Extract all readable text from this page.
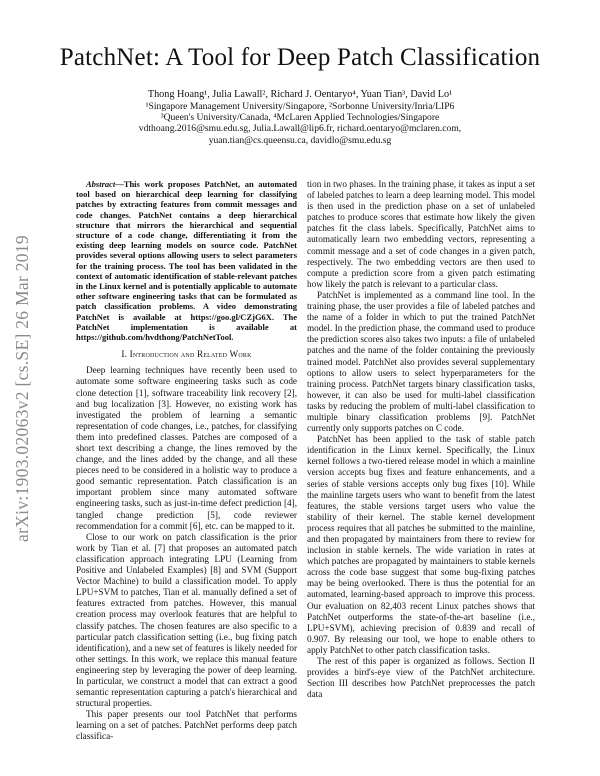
arXiv:1903.02063v2 [cs.SE] 26 Mar 2019
PatchNet: A Tool for Deep Patch Classification
Thong Hoang¹, Julia Lawall², Richard J. Oentaryo⁴, Yuan Tian³, David Lo¹
¹Singapore Management University/Singapore, ²Sorbonne University/Inria/LIP6
³Queen's University/Canada, ⁴McLaren Applied Technologies/Singapore
vdthoang.2016@smu.edu.sg, Julia.Lawall@lip6.fr, richard.oentaryo@mclaren.com,
yuan.tian@cs.queensu.ca, davidlo@smu.edu.sg

Abstract—This work proposes PatchNet, an automated tool based on hierarchical deep learning for classifying patches by extracting features from commit messages and code changes. PatchNet contains a deep hierarchical structure that mirrors the hierarchical and sequential structure of a code change, differentiating it from the existing deep learning models on source code. PatchNet provides several options allowing users to select parameters for the training process. The tool has been validated in the context of automatic identification of stable-relevant patches in the Linux kernel and is potentially applicable to automate other software engineering tasks that can be formulated as patch classification problems. A video demonstrating PatchNet is available at https://goo.gl/CZjG6X. The PatchNet implementation is available at https://github.com/hvdthong/PatchNetTool.

I. Introduction and Related Work

Deep learning techniques have recently been used to automate some software engineering tasks such as code clone detection [1], software traceability link recovery [2], and bug localization [3]. However, no existing work has investigated the problem of learning a semantic representation of code changes, i.e., patches, for classifying them into predefined classes. Patches are composed of a short text describing a change, the lines removed by the change, and the lines added by the change, and all these pieces need to be considered in a holistic way to produce a good semantic representation. Patch classification is an important problem since many automated software engineering tasks, such as just-in-time defect prediction [4], tangled change prediction [5], code reviewer recommendation for a commit [6], etc. can be mapped to it.

Close to our work on patch classification is the prior work by Tian et al. [7] that proposes an automated patch classification approach integrating LPU (Learning from Positive and Unlabeled Examples) [8] and SVM (Support Vector Machine) to build a classification model. To apply LPU+SVM to patches, Tian et al. manually defined a set of features extracted from patches. However, this manual creation process may overlook features that are helpful to classify patches. The chosen features are also specific to a particular patch classification setting (i.e., bug fixing patch identification), and a new set of features is likely needed for other settings. In this work, we replace this manual feature engineering step by leveraging the power of deep learning. In particular, we construct a model that can extract a good semantic representation capturing a patch's hierarchical and structural properties.

This paper presents our tool PatchNet that performs learning on a set of patches. PatchNet performs deep patch classifica-

tion in two phases. In the training phase, it takes as input a set of labeled patches to learn a deep learning model. This model is then used in the prediction phase on a set of unlabeled patches to produce scores that estimate how likely the given patches fit the class labels. Specifically, PatchNet aims to automatically learn two embedding vectors, representing a commit message and a set of code changes in a given patch, respectively. The two embedding vectors are then used to compute a prediction score from a given patch estimating how likely the patch is relevant to a particular class.

PatchNet is implemented as a command line tool. In the training phase, the user provides a file of labeled patches and the name of a folder in which to put the trained PatchNet model. In the prediction phase, the command used to produce the prediction scores also takes two inputs: a file of unlabeled patches and the name of the folder containing the previously trained model. PatchNet also provides several supplementary options to allow users to select hyperparameters for the training process. PatchNet targets binary classification tasks, however, it can also be used for multi-label classification tasks by reducing the problem of multi-label classification to multiple binary classification problems [9]. PatchNet currently only supports patches on C code.

PatchNet has been applied to the task of stable patch identification in the Linux kernel. Specifically, the Linux kernel follows a two-tiered release model in which a mainline version accepts bug fixes and feature enhancements, and a series of stable versions accepts only bug fixes [10]. While the mainline targets users who want to benefit from the latest features, the stable versions target users who value the stability of their kernel. The stable kernel development process requires that all patches be submitted to the mainline, and then propagated by maintainers from there to review for inclusion in stable kernels. The wide variation in rates at which patches are propagated by maintainers to stable kernels across the code base suggest that some bug-fixing patches may be being overlooked. There is thus the potential for an automated, learning-based approach to improve this process. Our evaluation on 82,403 recent Linux patches shows that PatchNet outperforms the state-of-the-art baseline (i.e., LPU+SVM), achieving precision of 0.839 and recall of 0.907. By releasing our tool, we hope to enable others to apply PatchNet to other patch classification tasks.

The rest of this paper is organized as follows. Section II provides a bird's-eye view of the PatchNet architecture. Section III describes how PatchNet preprocesses the patch data
